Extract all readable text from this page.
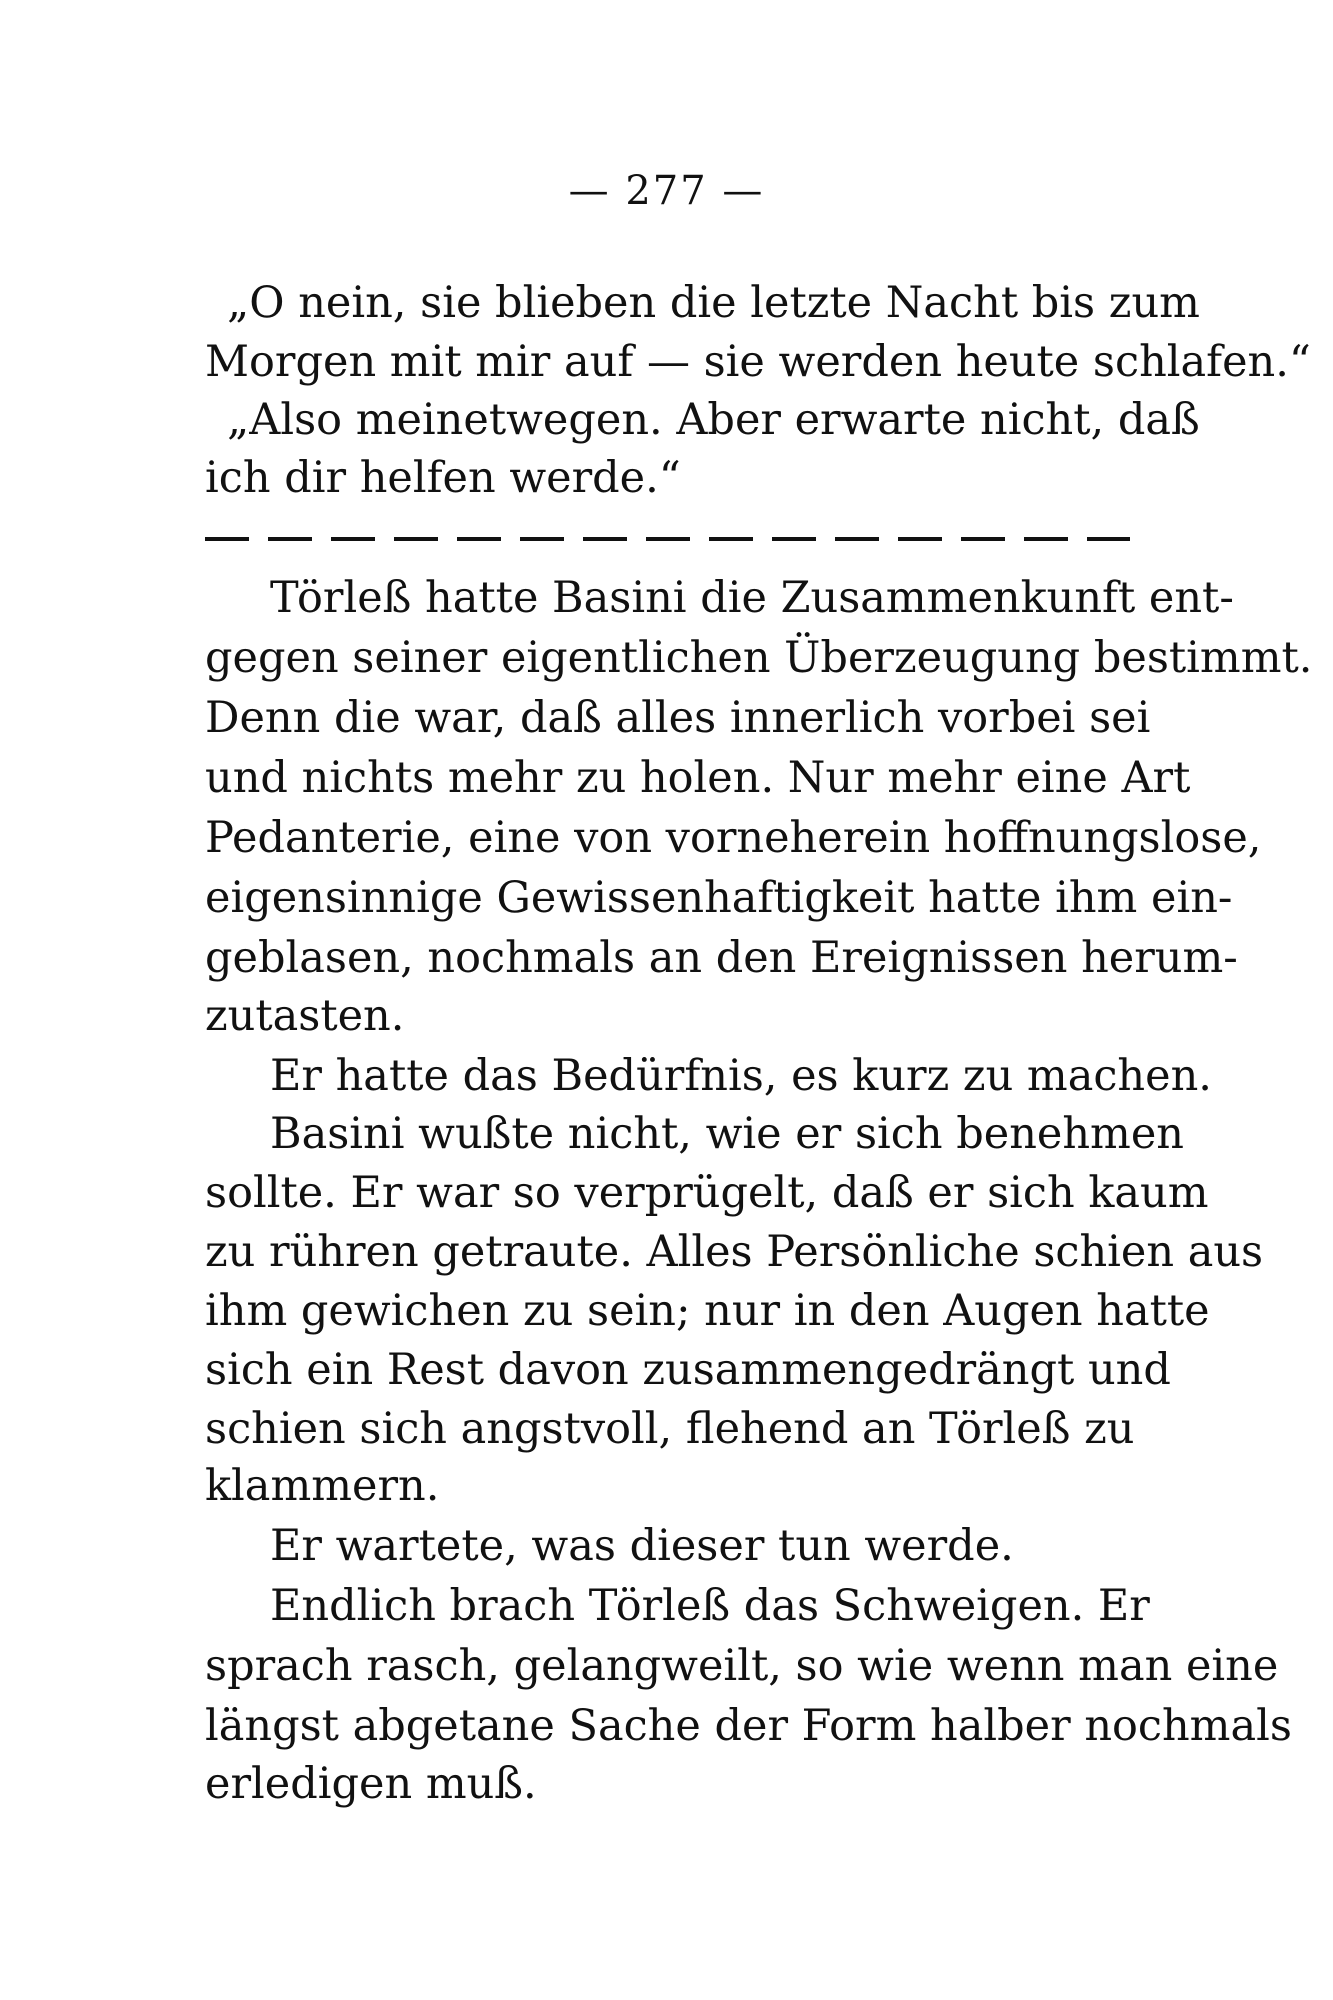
— 277 —
„O nein, sie blieben die letzte Nacht bis zum
Morgen mit mir auf — sie werden heute schlafen.“
„Also meinetwegen. Aber erwarte nicht, daß
ich dir helfen werde.“
Törleß hatte Basini die Zusammenkunft ent-
gegen seiner eigentlichen Überzeugung bestimmt.
Denn die war, daß alles innerlich vorbei sei
und nichts mehr zu holen. Nur mehr eine Art
Pedanterie, eine von vorneherein hoffnungslose,
eigensinnige Gewissenhaftigkeit hatte ihm ein-
geblasen, nochmals an den Ereignissen herum-
zutasten.
Er hatte das Bedürfnis, es kurz zu machen.
Basini wußte nicht, wie er sich benehmen
sollte. Er war so verprügelt, daß er sich kaum
zu rühren getraute. Alles Persönliche schien aus
ihm gewichen zu sein; nur in den Augen hatte
sich ein Rest davon zusammengedrängt und
schien sich angstvoll, flehend an Törleß zu
klammern.
Er wartete, was dieser tun werde.
Endlich brach Törleß das Schweigen. Er
sprach rasch, gelangweilt, so wie wenn man eine
längst abgetane Sache der Form halber nochmals
erledigen muß.
